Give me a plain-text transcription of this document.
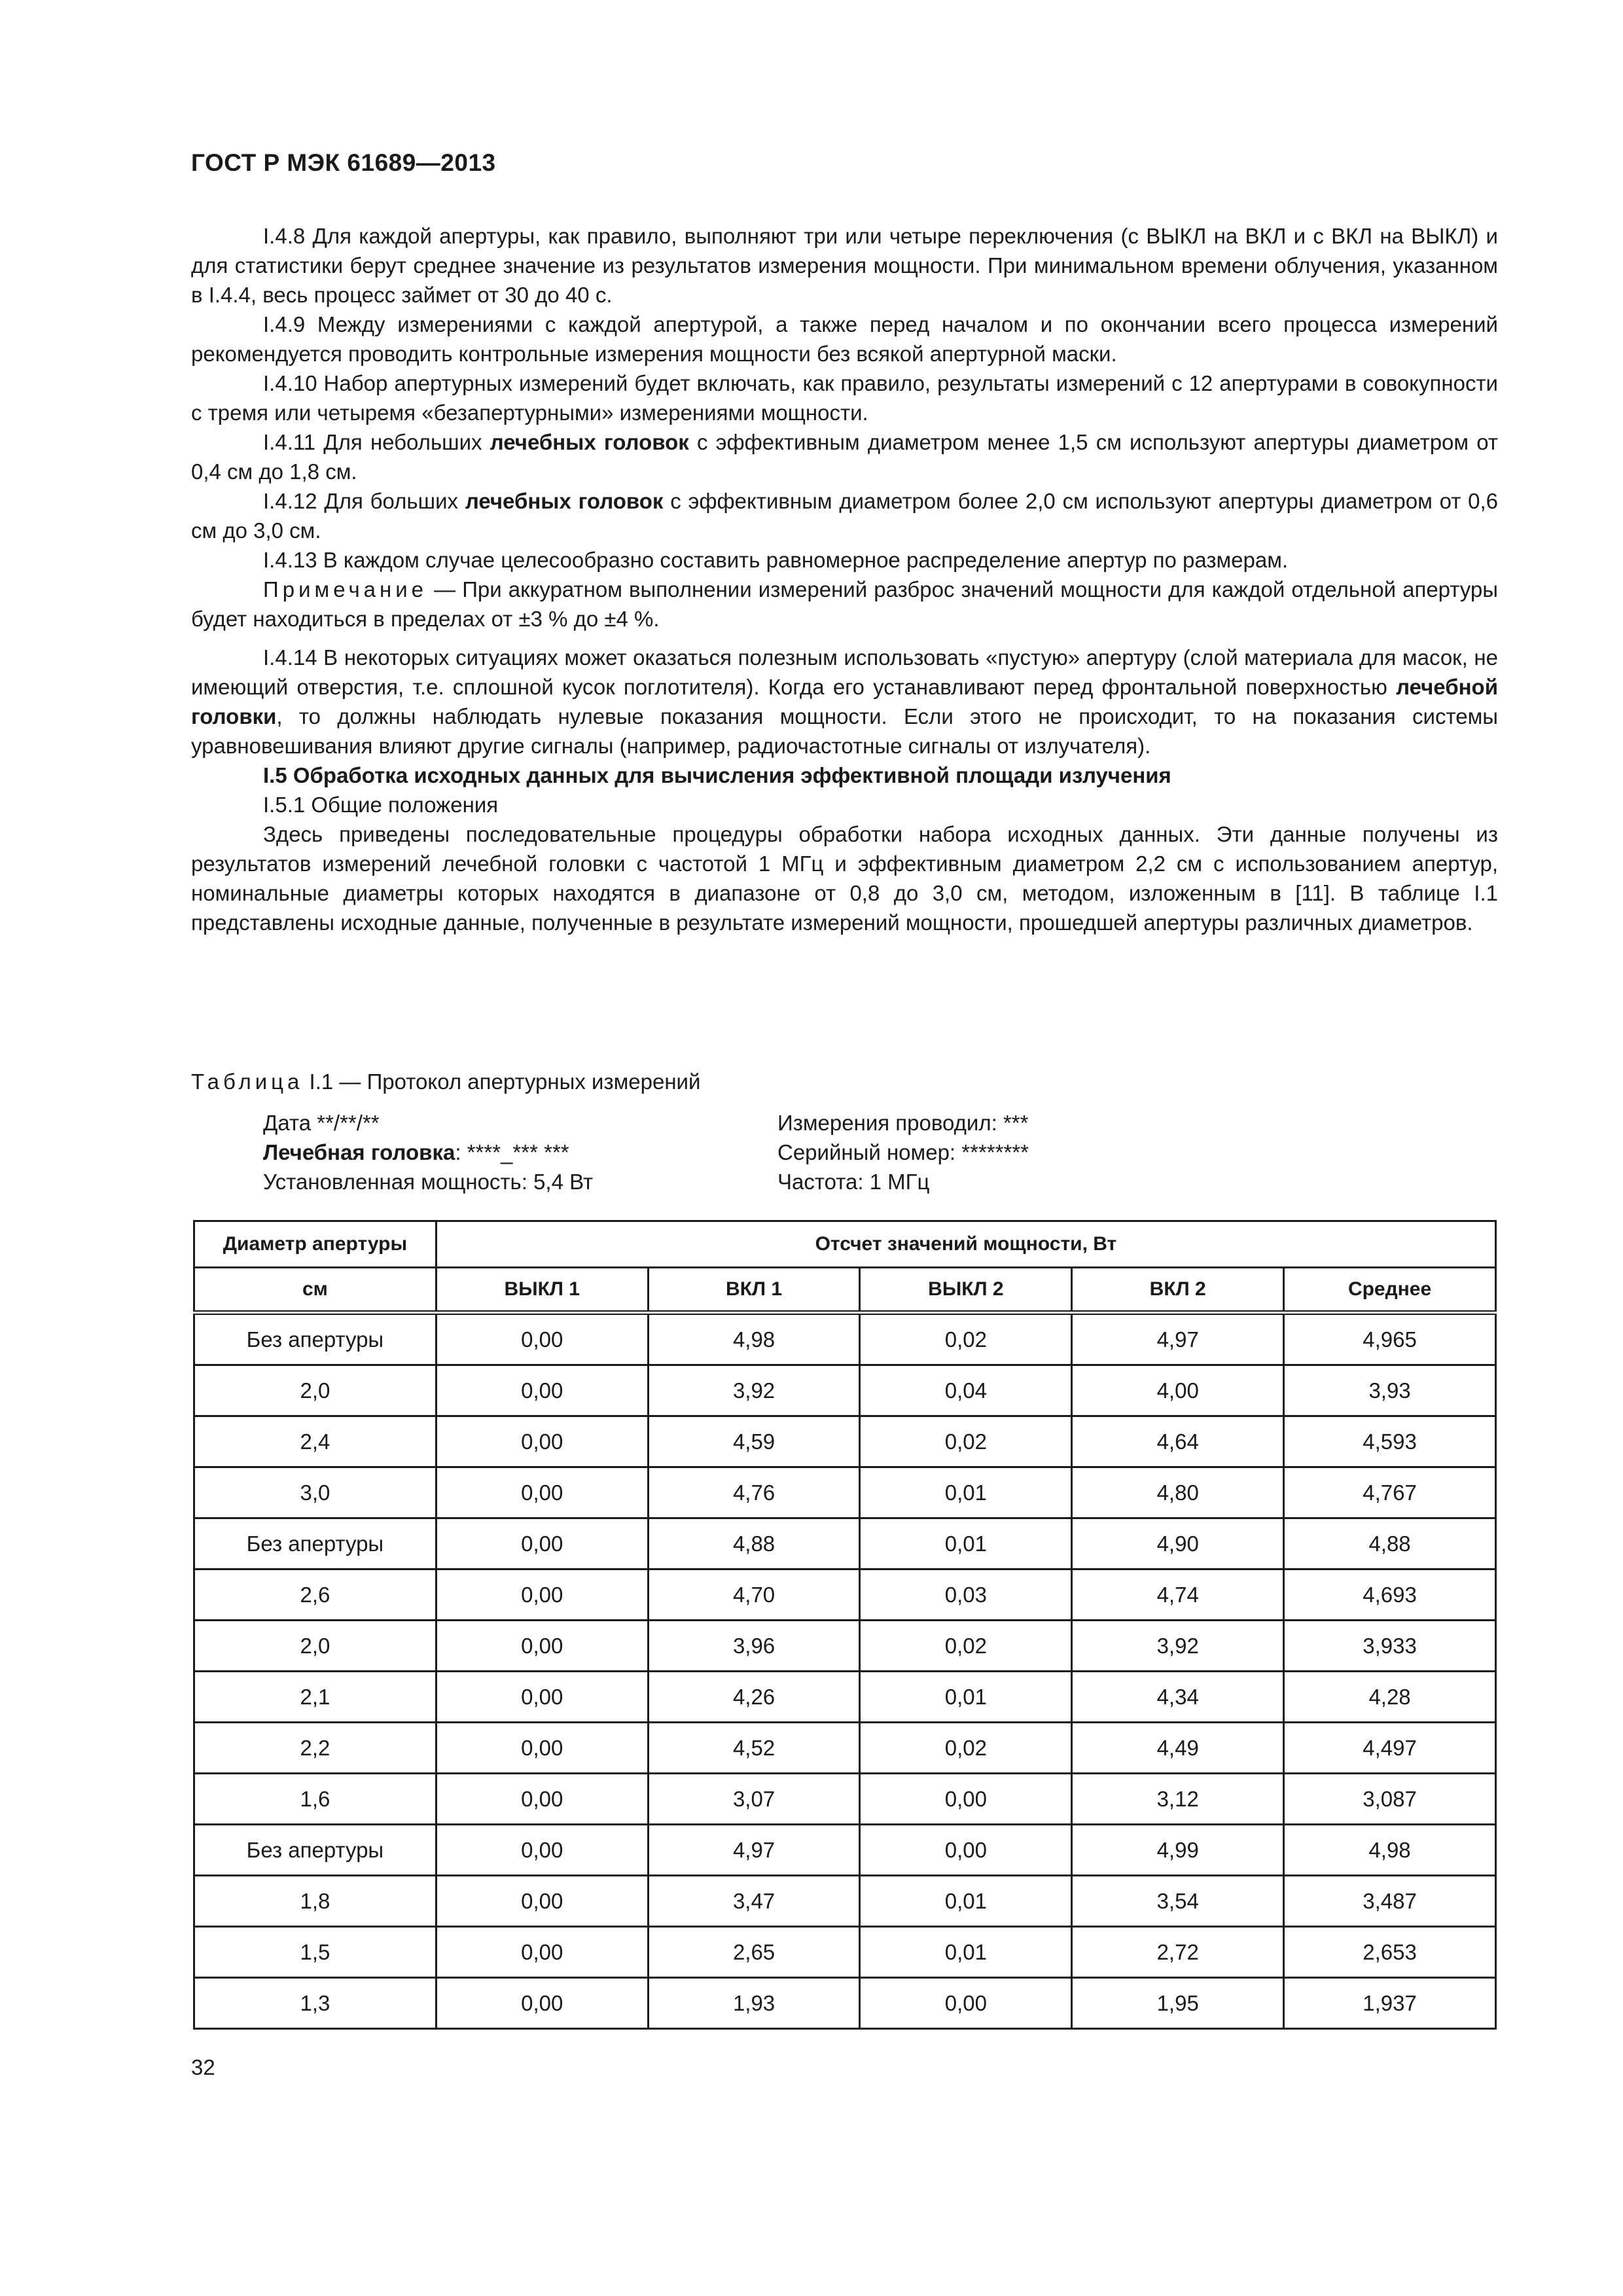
ГОСТ Р МЭК 61689—2013

I.4.8 Для каждой апертуры, как правило, выполняют три или четыре переключения (с ВЫКЛ на ВКЛ и с ВКЛ на ВЫКЛ) и для статистики берут среднее значение из результатов измерения мощности. При минимальном времени облучения, указанном в I.4.4, весь процесс займет от 30 до 40 с.

I.4.9 Между измерениями с каждой апертурой, а также перед началом и по окончании всего процесса измерений рекомендуется проводить контрольные измерения мощности без всякой апертурной маски.

I.4.10 Набор апертурных измерений будет включать, как правило, результаты измерений с 12 апертурами в совокупности с тремя или четыремя «безапертурными» измерениями мощности.

I.4.11 Для небольших лечебных головок с эффективным диаметром менее 1,5 см используют апертуры диаметром от 0,4 см до 1,8 см.

I.4.12 Для больших лечебных головок с эффективным диаметром более 2,0 см используют апертуры диаметром от 0,6 см до 3,0 см.

I.4.13 В каждом случае целесообразно составить равномерное распределение апертур по размерам.

Примечание — При аккуратном выполнении измерений разброс значений мощности для каждой отдельной апертуры будет находиться в пределах от ±3 % до ±4 %.

I.4.14 В некоторых ситуациях может оказаться полезным использовать «пустую» апертуру (слой материала для масок, не имеющий отверстия, т.е. сплошной кусок поглотителя). Когда его устанавливают перед фронтальной поверхностью лечебной головки, то должны наблюдать нулевые показания мощности. Если этого не происходит, то на показания системы уравновешивания влияют другие сигналы (например, радиочастотные сигналы от излучателя).

I.5 Обработка исходных данных для вычисления эффективной площади излучения

I.5.1 Общие положения

Здесь приведены последовательные процедуры обработки набора исходных данных. Эти данные получены из результатов измерений лечебной головки с частотой 1 МГц и эффективным диаметром 2,2 см с использованием апертур, номинальные диаметры которых находятся в диапазоне от 0,8 до 3,0 см, методом, изложенным в [11]. В таблице I.1 представлены исходные данные, полученные в результате измерений мощности, прошедшей апертуры различных диаметров.

Таблица I.1 — Протокол апертурных измерений
Дата **/**/**
Лечебная головка: ****_*** ***
Установленная мощность: 5,4 Вт
Измерения проводил: ***
Серийный номер: ********
Частота: 1 МГц
Диаметр апертуры	Отсчет значений мощности, Вт				
см	ВЫКЛ 1	ВКЛ 1	ВЫКЛ 2	ВКЛ 2	Среднее
Без апертуры	0,00	4,98	0,02	4,97	4,965
2,0	0,00	3,92	0,04	4,00	3,93
2,4	0,00	4,59	0,02	4,64	4,593
3,0	0,00	4,76	0,01	4,80	4,767
Без апертуры	0,00	4,88	0,01	4,90	4,88
2,6	0,00	4,70	0,03	4,74	4,693
2,0	0,00	3,96	0,02	3,92	3,933
2,1	0,00	4,26	0,01	4,34	4,28
2,2	0,00	4,52	0,02	4,49	4,497
1,6	0,00	3,07	0,00	3,12	3,087
Без апертуры	0,00	4,97	0,00	4,99	4,98
1,8	0,00	3,47	0,01	3,54	3,487
1,5	0,00	2,65	0,01	2,72	2,653
1,3	0,00	1,93	0,00	1,95	1,937
32
